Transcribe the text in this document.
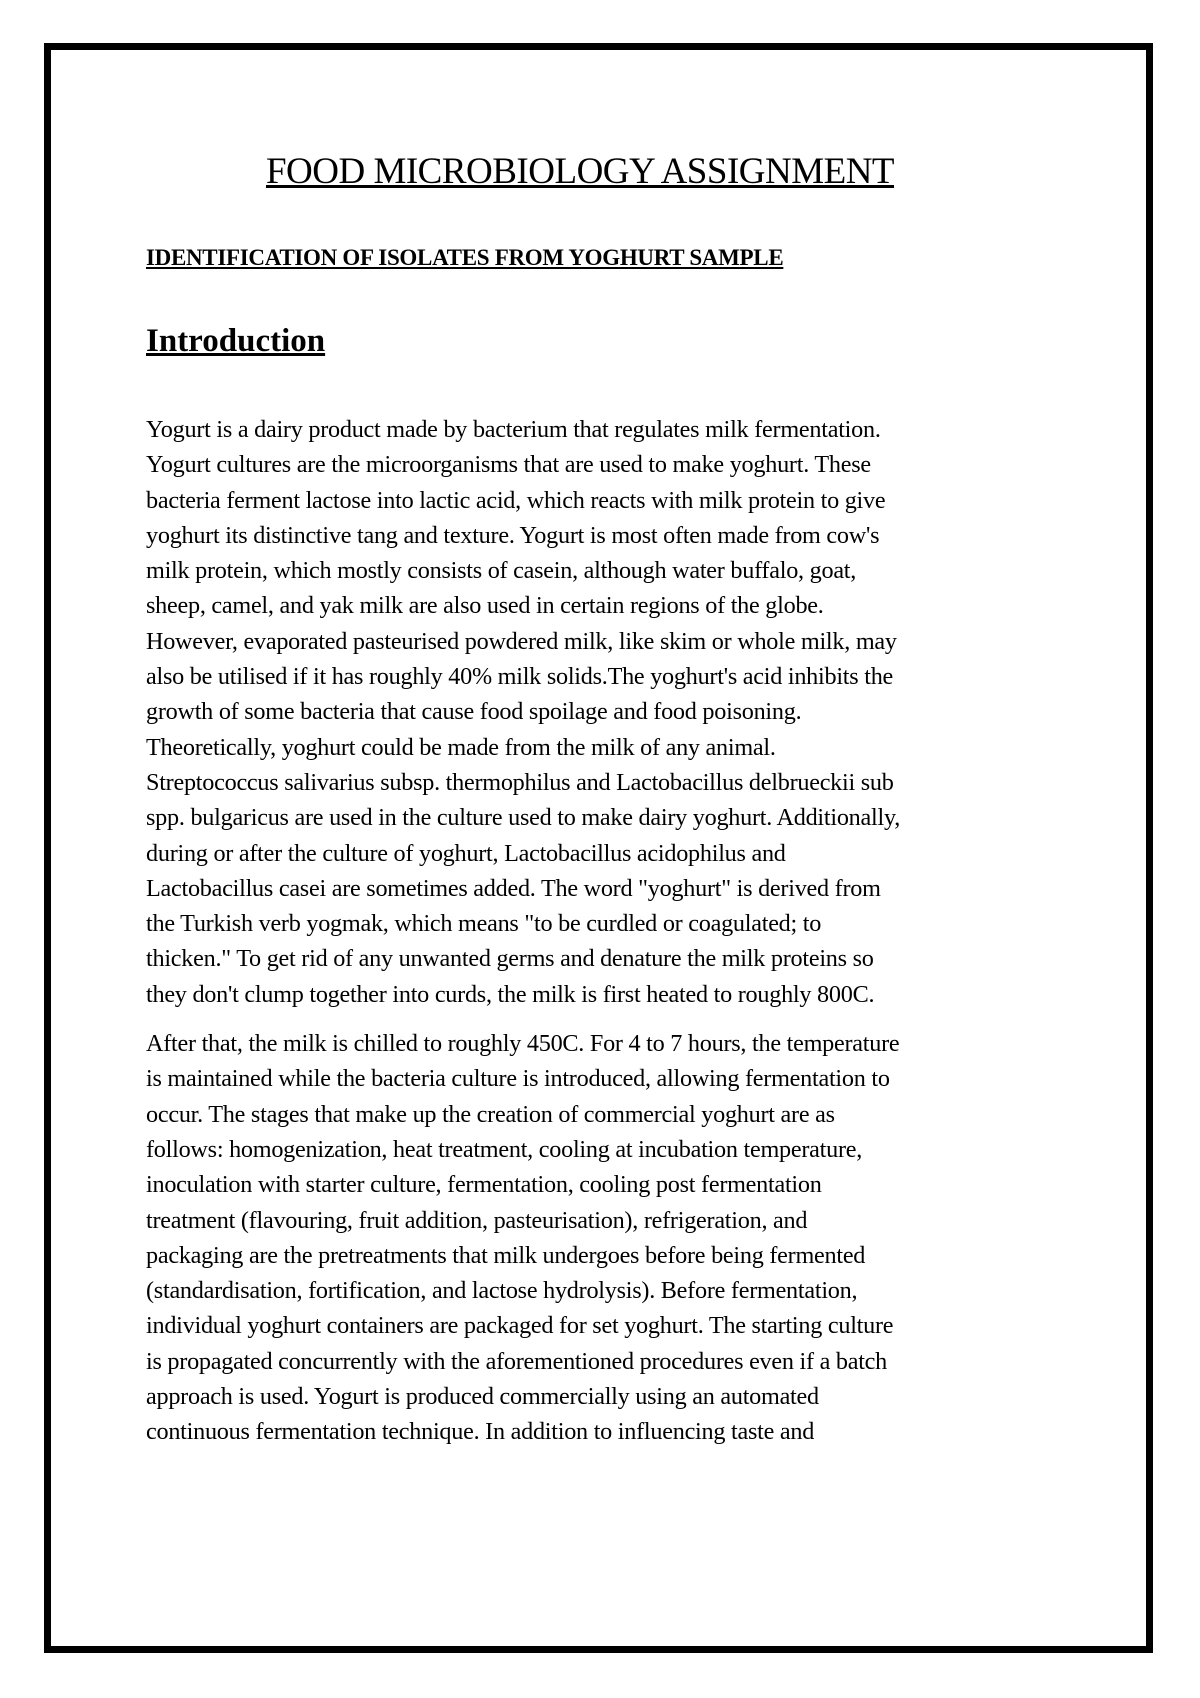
FOOD MICROBIOLOGY ASSIGNMENT
IDENTIFICATION OF ISOLATES FROM YOGHURT SAMPLE
Introduction

Yogurt is a dairy product made by bacterium that regulates milk fermentation.
Yogurt cultures are the microorganisms that are used to make yoghurt. These
bacteria ferment lactose into lactic acid, which reacts with milk protein to give
yoghurt its distinctive tang and texture. Yogurt is most often made from cow's
milk protein, which mostly consists of casein, although water buffalo, goat,
sheep, camel, and yak milk are also used in certain regions of the globe.
However, evaporated pasteurised powdered milk, like skim or whole milk, may
also be utilised if it has roughly 40% milk solids.The yoghurt's acid inhibits the
growth of some bacteria that cause food spoilage and food poisoning.
Theoretically, yoghurt could be made from the milk of any animal.
Streptococcus salivarius subsp. thermophilus and Lactobacillus delbrueckii sub
spp. bulgaricus are used in the culture used to make dairy yoghurt. Additionally,
during or after the culture of yoghurt, Lactobacillus acidophilus and
Lactobacillus casei are sometimes added. The word "yoghurt" is derived from
the Turkish verb yogmak, which means "to be curdled or coagulated; to
thicken." To get rid of any unwanted germs and denature the milk proteins so
they don't clump together into curds, the milk is first heated to roughly 800C.

After that, the milk is chilled to roughly 450C. For 4 to 7 hours, the temperature
is maintained while the bacteria culture is introduced, allowing fermentation to
occur. The stages that make up the creation of commercial yoghurt are as
follows: homogenization, heat treatment, cooling at incubation temperature,
inoculation with starter culture, fermentation, cooling post fermentation
treatment (flavouring, fruit addition, pasteurisation), refrigeration, and
packaging are the pretreatments that milk undergoes before being fermented
(standardisation, fortification, and lactose hydrolysis). Before fermentation,
individual yoghurt containers are packaged for set yoghurt. The starting culture
is propagated concurrently with the aforementioned procedures even if a batch
approach is used. Yogurt is produced commercially using an automated
continuous fermentation technique. In addition to influencing taste and
